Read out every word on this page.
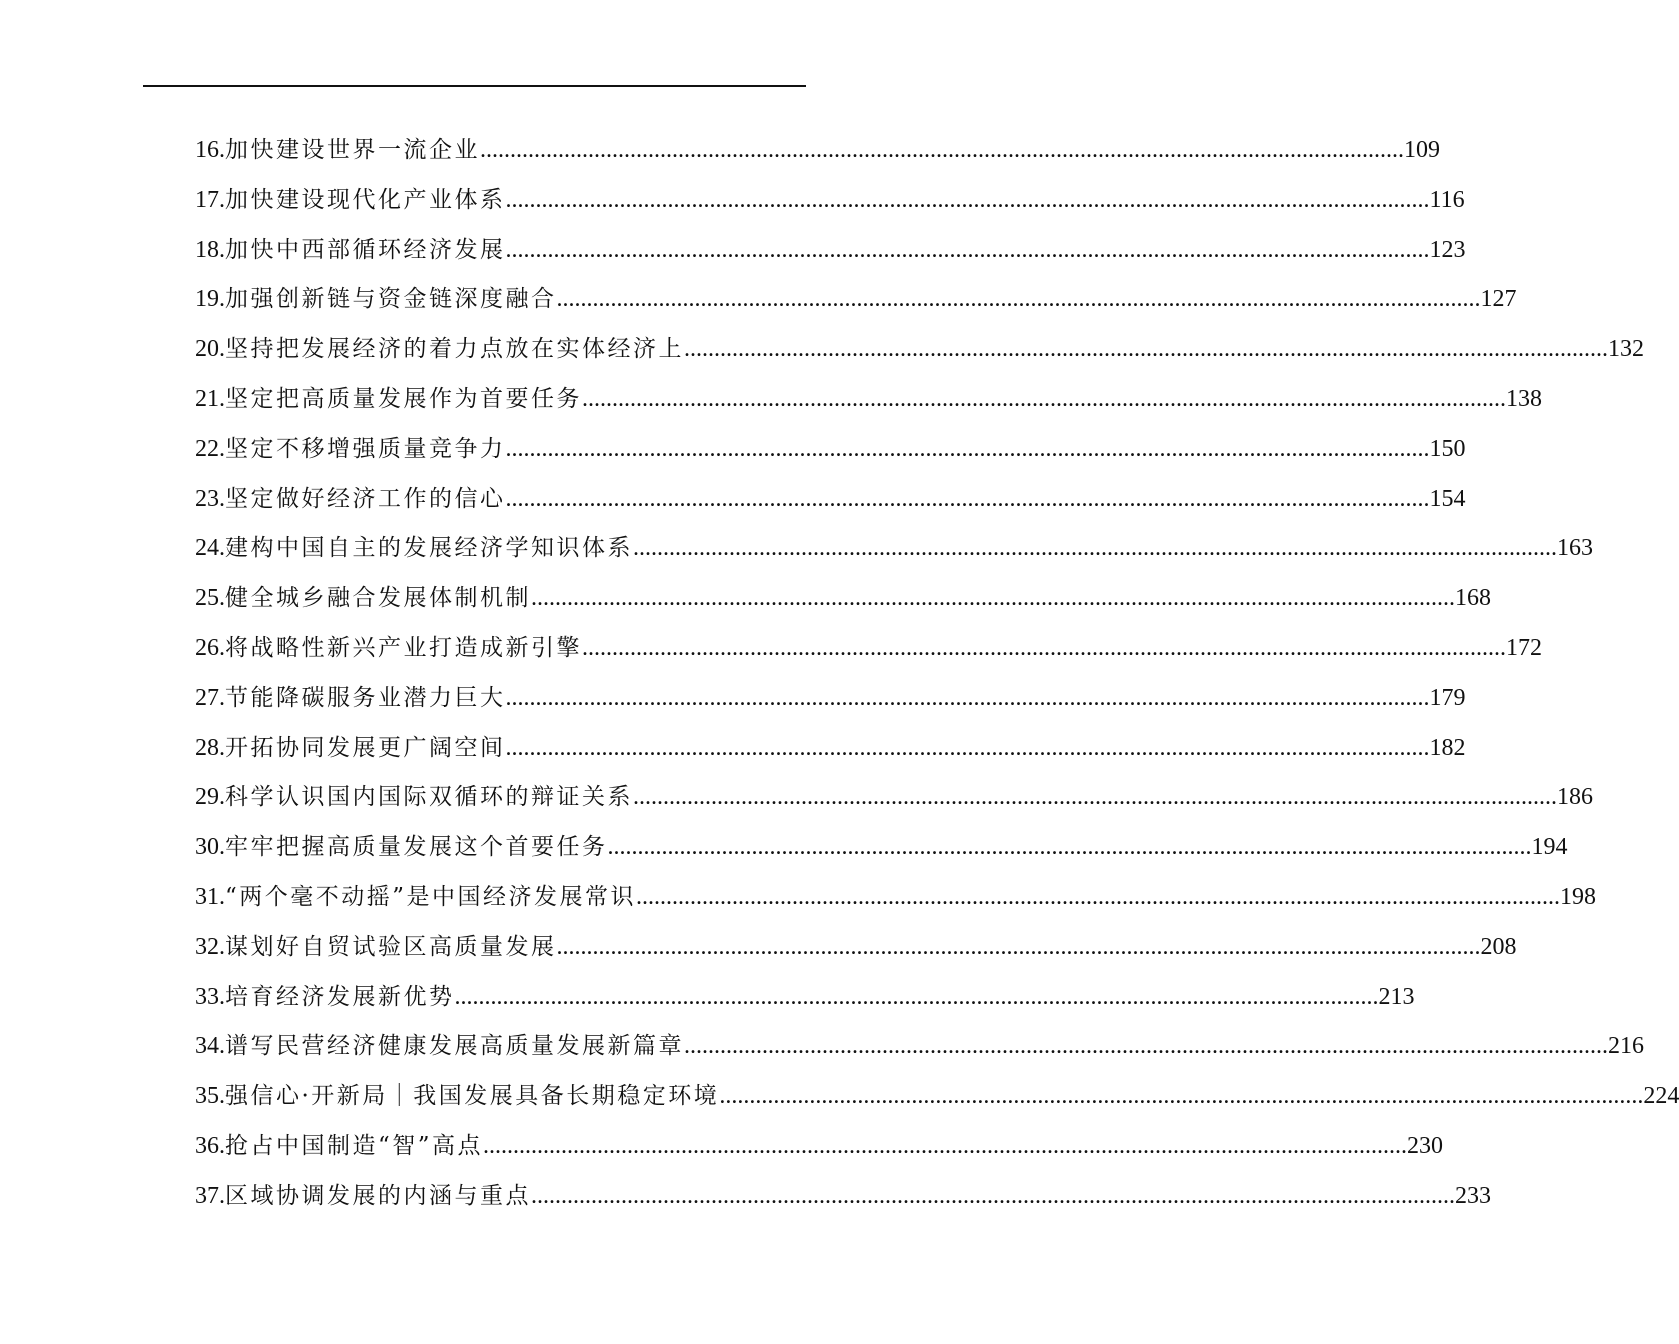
16. 加快建设世界一流企业 .....	109
17. 加快建设现代化产业体系 .....	116
18. 加快中西部循环经济发展 .....	123
19. 加强创新链与资金链深度融合 .....	127
20. 坚持把发展经济的着力点放在实体经济上 .....	132
21. 坚定把高质量发展作为首要任务 .....	138
22. 坚定不移增强质量竞争力 .....	150
23. 坚定做好经济工作的信心 .....	154
24. 建构中国自主的发展经济学知识体系 .....	163
25. 健全城乡融合发展体制机制 .....	168
26. 将战略性新兴产业打造成新引擎 .....	172
27. 节能降碳服务业潜力巨大 .....	179
28. 开拓协同发展更广阔空间 .....	182
29. 科学认识国内国际双循环的辩证关系 .....	186
30. 牢牢把握高质量发展这个首要任务 .....	194
31. “两个毫不动摇”是中国经济发展常识 .....	198
32. 谋划好自贸试验区高质量发展 .....	208
33. 培育经济发展新优势 .....	213
34. 谱写民营经济健康发展高质量发展新篇章 .....	216
35. 强信心·开新局｜我国发展具备长期稳定环境 .....	224
36. 抢占中国制造“智”高点 .....	230
37. 区域协调发展的内涵与重点 .....	233
